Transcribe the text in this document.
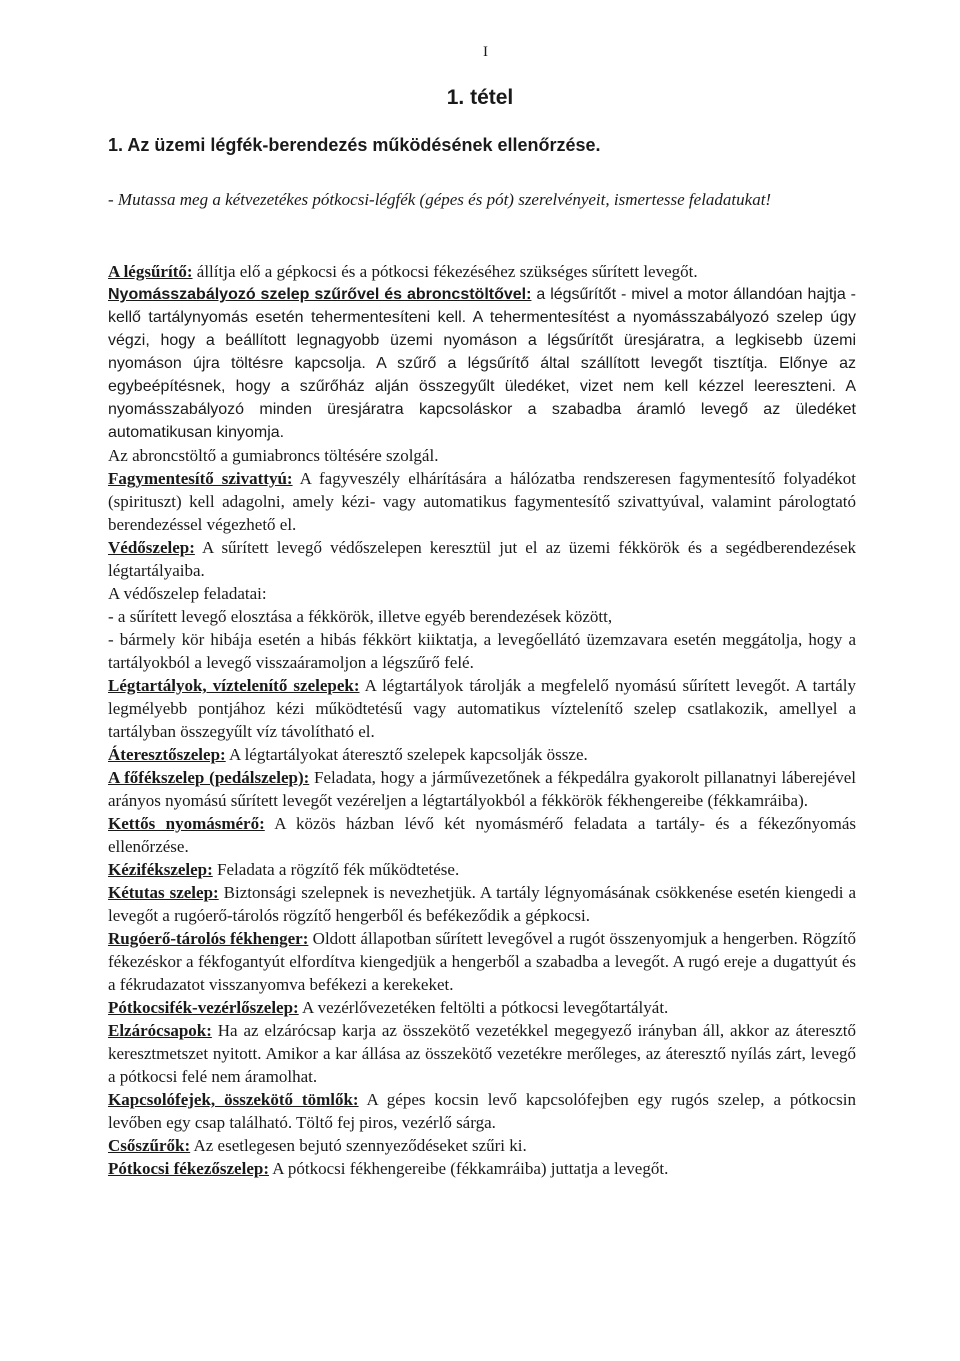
I
1. tétel
1. Az üzemi légfék-berendezés működésének ellenőrzése.
- Mutassa meg a kétvezetékes pótkocsi-légfék (gépes és pót) szerelvényeit, ismertesse feladatukat!

A légsűrítő: állítja elő a gépkocsi és a pótkocsi fékezéséhez szükséges sűrített levegőt.

Nyomásszabályozó szelep szűrővel és abroncstöltővel: a légsűrítőt - mivel a motor állandóan hajtja - kellő tartálynyomás esetén tehermentesíteni kell. A tehermentesítést a nyomásszabályozó szelep úgy végzi, hogy a beállított legnagyobb üzemi nyomáson a légsűrítőt üresjáratra, a legkisebb üzemi nyomáson újra töltésre kapcsolja. A szűrő a légsűrítő által szállított levegőt tisztítja. Előnye az egybeépítésnek, hogy a szűrőház alján összegyűlt üledéket, vizet nem kell kézzel leereszteni. A nyomásszabályozó minden üresjáratra kapcsoláskor a szabadba áramló levegő az üledéket automatikusan kinyomja.

Az abroncstöltő a gumiabroncs töltésére szolgál.

Fagymentesítő szivattyú: A fagyveszély elhárítására a hálózatba rendszeresen fagymentesítő folyadékot (spirituszt) kell adagolni, amely kézi- vagy automatikus fagymentesítő szivattyúval, valamint párologtató berendezéssel végezhető el.

Védőszelep: A sűrített levegő védőszelepen keresztül jut el az üzemi fékkörök és a segédberendezések légtartályaiba.

A védőszelep feladatai:

- a sűrített levegő elosztása a fékkörök, illetve egyéb berendezések között,

- bármely kör hibája esetén a hibás fékkört kiiktatja, a levegőellátó üzemzavara esetén meggátolja, hogy a tartályokból a levegő visszaáramoljon a légszűrő felé.

Légtartályok, víztelenítő szelepek: A légtartályok tárolják a megfelelő nyomású sűrített levegőt. A tartály legmélyebb pontjához kézi működtetésű vagy automatikus víztelenítő szelep csatlakozik, amellyel a tartályban összegyűlt víz távolítható el.

Áteresztőszelep: A légtartályokat áteresztő szelepek kapcsolják össze.

A főfékszelep (pedálszelep): Feladata, hogy a járművezetőnek a fékpedálra gyakorolt pillanatnyi láberejével arányos nyomású sűrített levegőt vezéreljen a légtartályokból a fékkörök fékhengereibe (fékkamráiba).

Kettős nyomásmérő: A közös házban lévő két nyomásmérő feladata a tartály- és a fékezőnyomás ellenőrzése.

Kézifékszelep: Feladata a rögzítő fék működtetése.

Kétutas szelep: Biztonsági szelepnek is nevezhetjük. A tartály légnyomásának csökkenése esetén kiengedi a levegőt a rugóerő-tárolós rögzítő hengerből és befékeződik a gépkocsi.

Rugóerő-tárolós fékhenger: Oldott állapotban sűrített levegővel a rugót összenyomjuk a hengerben. Rögzítő fékezéskor a fékfogantyút elfordítva kiengedjük a hengerből a szabadba a levegőt. A rugó ereje a dugattyút és a fékrudazatot visszanyomva befékezi a kerekeket.

Pótkocsifék-vezérlőszelep: A vezérlővezetéken feltölti a pótkocsi levegőtartályát.

Elzárócsapok: Ha az elzárócsap karja az összekötő vezetékkel megegyező irányban áll, akkor az áteresztő keresztmetszet nyitott. Amikor a kar állása az összekötő vezetékre merőleges, az áteresztő nyílás zárt, levegő a pótkocsi felé nem áramolhat.

Kapcsolófejek, összekötő tömlők: A gépes kocsin levő kapcsolófejben egy rugós szelep, a pótkocsin levőben egy csap található. Töltő fej piros, vezérlő sárga.

Csőszűrők: Az esetlegesen bejutó szennyeződéseket szűri ki.

Pótkocsi fékezőszelep: A pótkocsi fékhengereibe (fékkamráiba) juttatja a levegőt.
